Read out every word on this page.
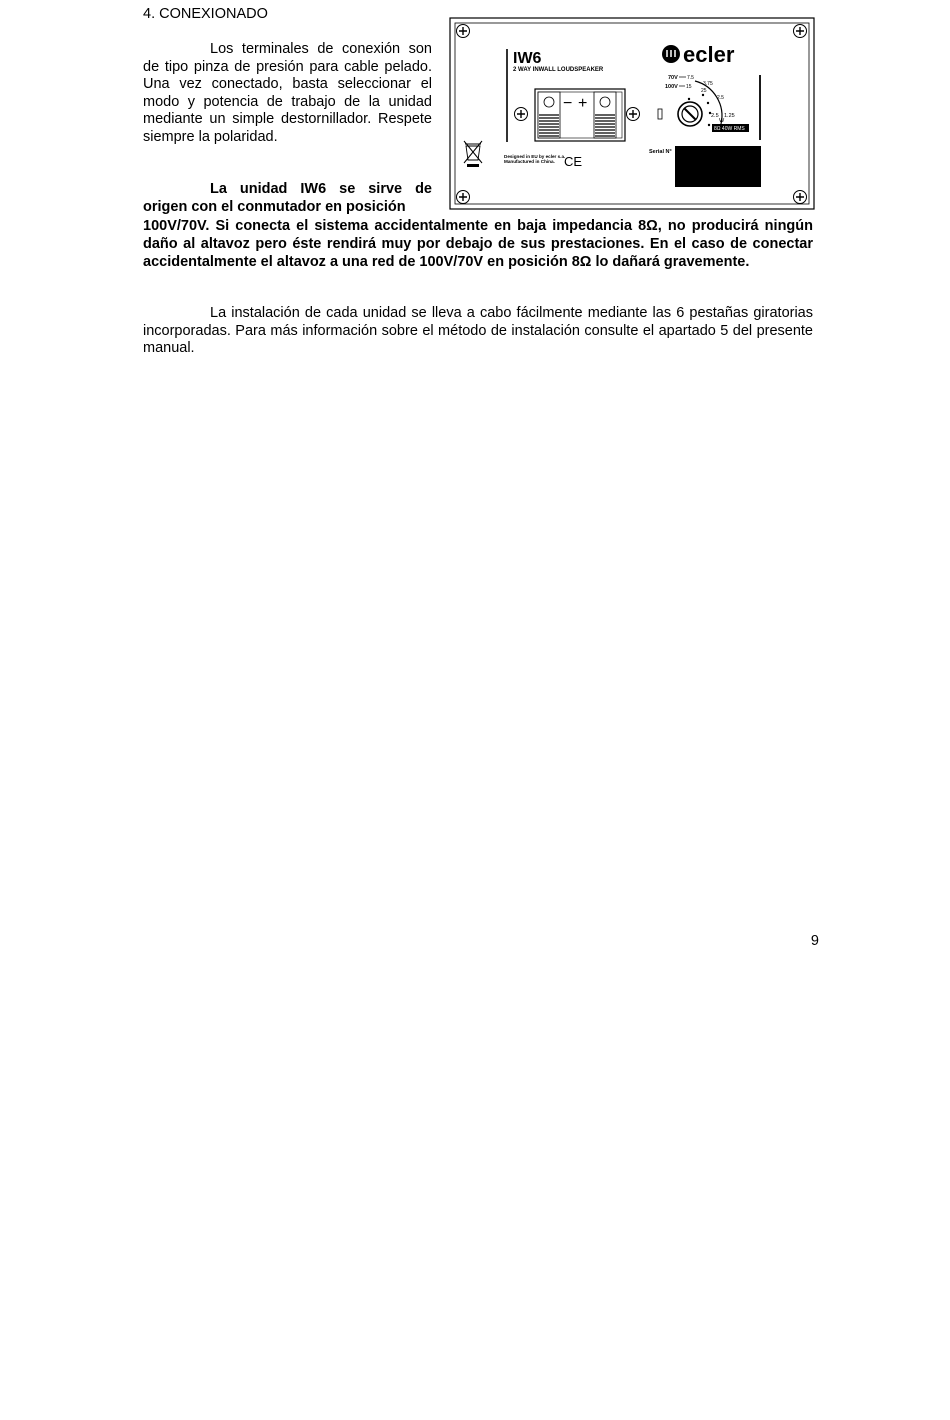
4. CONEXIONADO

Los terminales de conexión son de tipo pinza de presión para cable pelado. Una vez conectado, basta seleccionar el modo y potencia de trabajo de la unidad mediante un simple destornillador. Respete siempre la polaridad.

La unidad IW6 se sirve de origen con el conmutador en posición

100V/70V. Si conecta el sistema accidentalmente en baja impedancia 8Ω, no producirá ningún daño al altavoz pero éste rendirá muy por debajo de sus prestaciones. En el caso de conectar accidentalmente el altavoz a una red de 100V/70V en posición 8Ω lo dañará gravemente.

La instalación de cada unidad se lleva a cabo fácilmente mediante las 6 pestañas giratorias incorporadas. Para más información sobre el método de instalación consulte el apartado 5 del presente manual.

9
IW6
2 WAY INWALL LOUDSPEAKER
ecler
− +
70V 7.5
100V 15 3.75
25
2.5
2.5 1.25
W
8Ω 40W RMS
Designed in EU by ecler s.a.
Manufactured in China. CE
Serial N°
